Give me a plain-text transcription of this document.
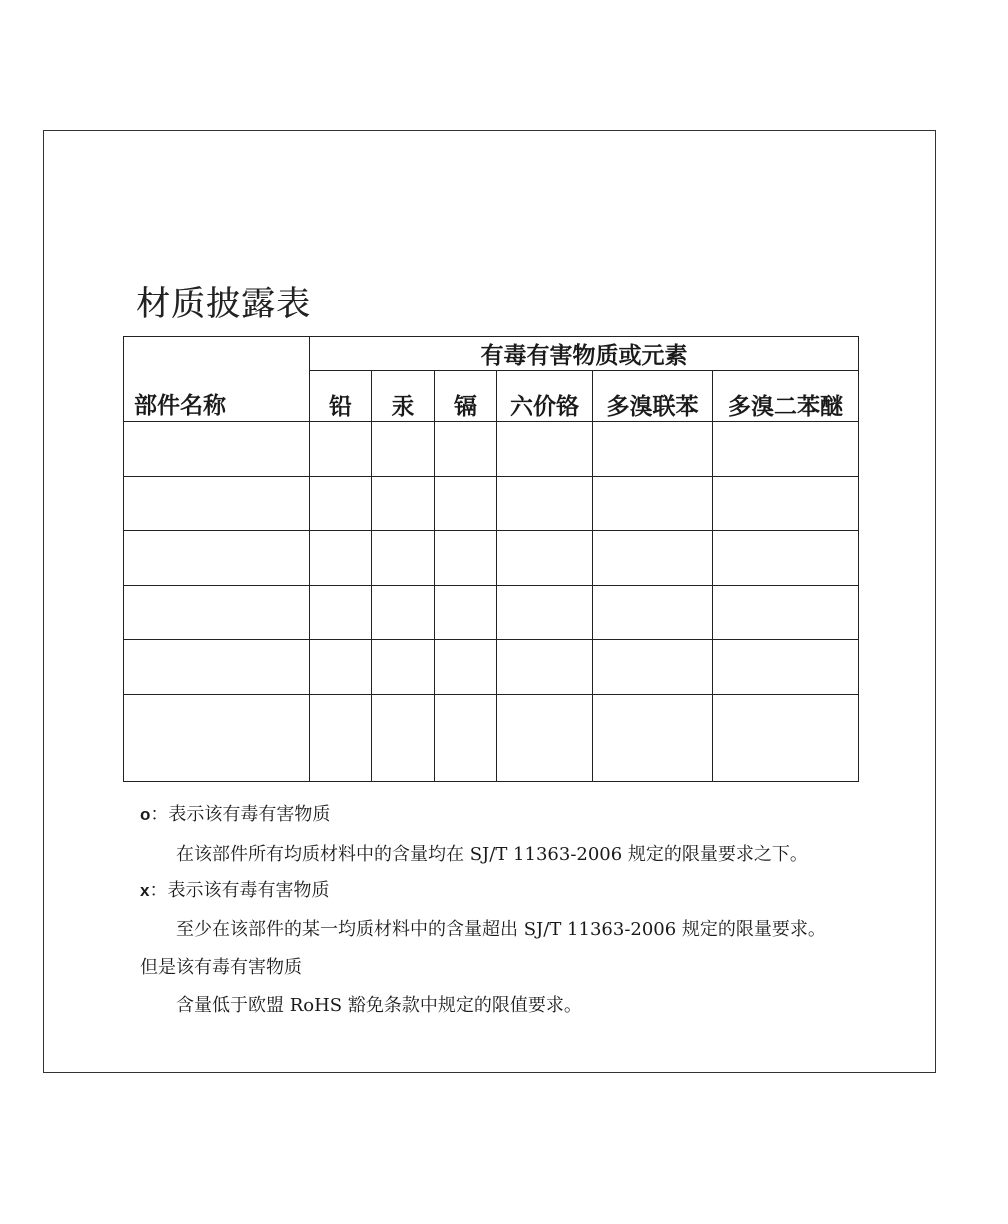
材质披露表
部件名称	有毒有害物质或元素					
	铅	汞	镉	六价铬	多溴联苯	多溴二苯醚

o：表示该有毒有害物质
在该部件所有均质材料中的含量均在 SJ/T 11363-2006 规定的限量要求之下。
x：表示该有毒有害物质
至少在该部件的某一均质材料中的含量超出 SJ/T 11363-2006 规定的限量要求。
但是该有毒有害物质
含量低于欧盟 RoHS 豁免条款中规定的限值要求。
